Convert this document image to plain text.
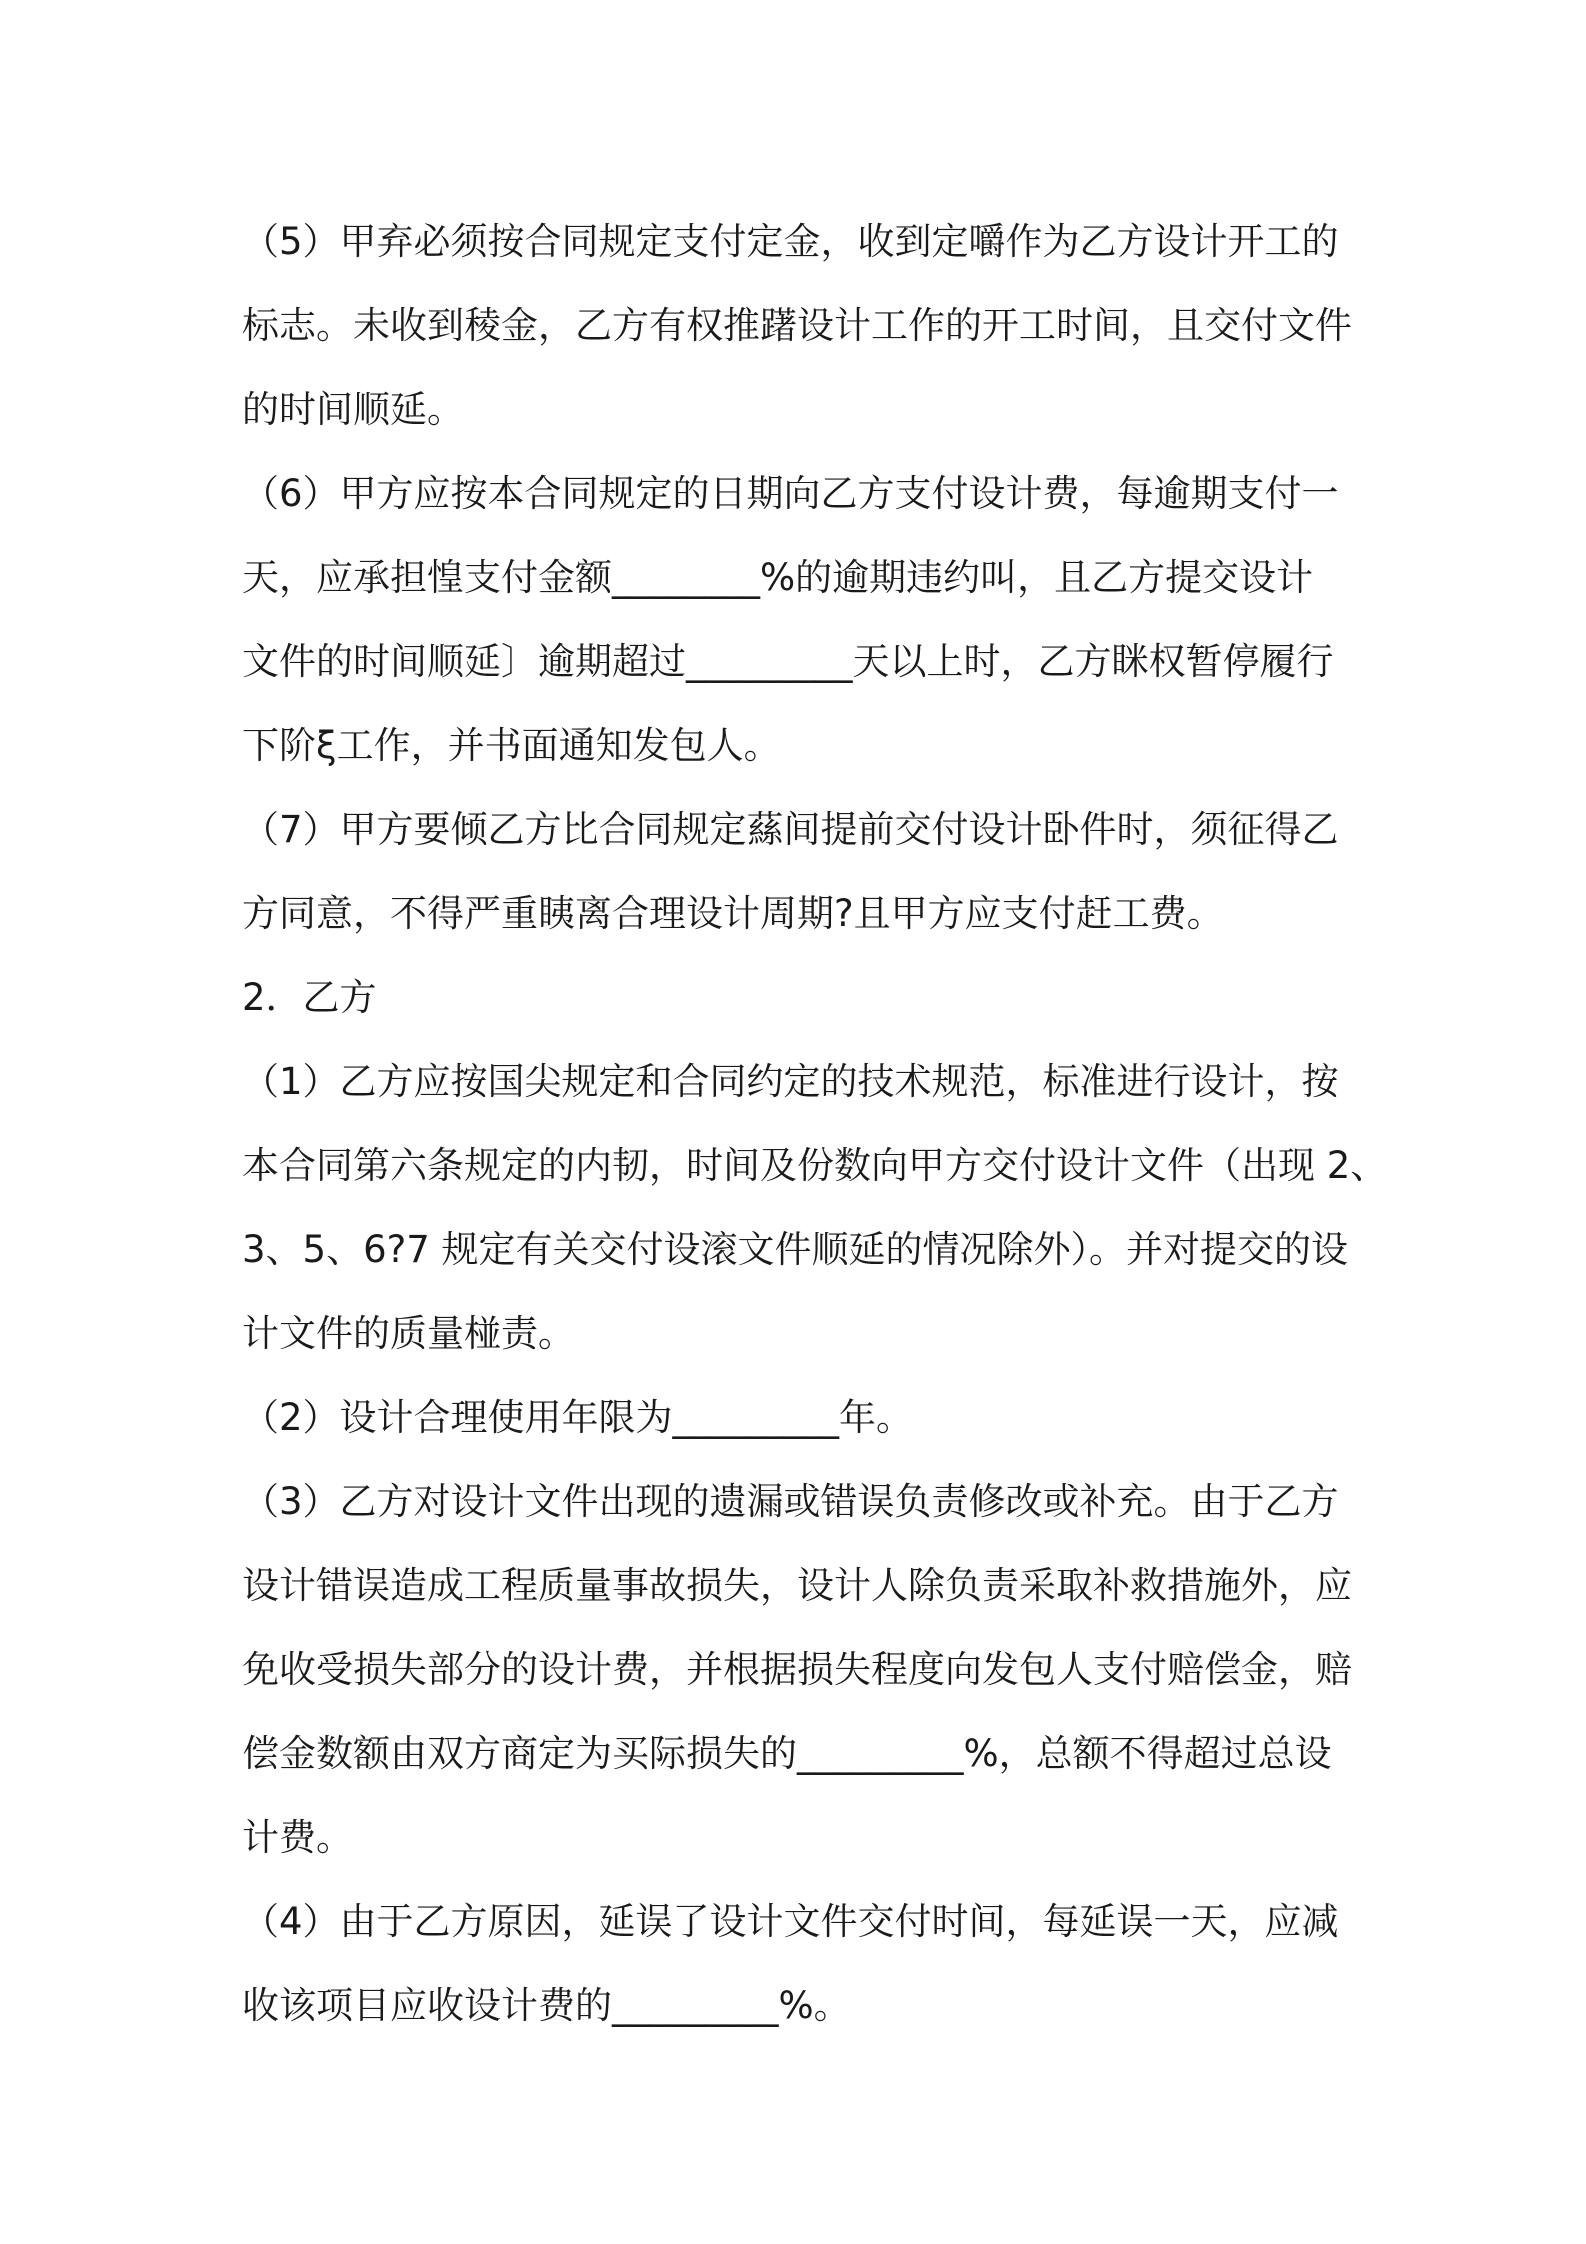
（5）甲弃必须按合同规定支付定金，收到定嚼作为乙方设计开工的
标志。未收到稜金，乙方有权推躇设计工作的开工时间，且交付文件
的时间顺延。
（6）甲方应按本合同规定的日期向乙方支付设计费，每逾期支付一
天，应承担惶支付金额________%的逾期违约叫，且乙方提交设计
文件的时间顺延〕逾期超过_________天以上时，乙方眯权暂停履行
下阶ξ工作，并书面通知发包人。
（7）甲方要倾乙方比合同规定蕬间提前交付设计卧件时，须征得乙
方同意，不得严重眱离合理设计周期?且甲方应支付赶工费。
2．乙方
（1）乙方应按国尖规定和合同约定的技术规范，标准进行设计，按
本合同第六条规定的内韧，时间及份数向甲方交付设计文件（出现 2、
3、5、6?7 规定有关交付设滚文件顺延的情况除外）。并对提交的设
计文件的质量椪责。
（2）设计合理使用年限为_________年。
（3）乙方对设计文件出现的遗漏或错误负责修改或补充。由于乙方
设计错误造成工程质量事故损失，设计人除负责采取补救措施外，应
免收受损失部分的设计费，并根据损失程度向发包人支付赔偿金，赔
偿金数额由双方商定为买际损失的_________%，总额不得超过总设
计费。
（4）由于乙方原因，延误了设计文件交付时间，每延误一天，应减
收该项目应收设计费的_________%。
